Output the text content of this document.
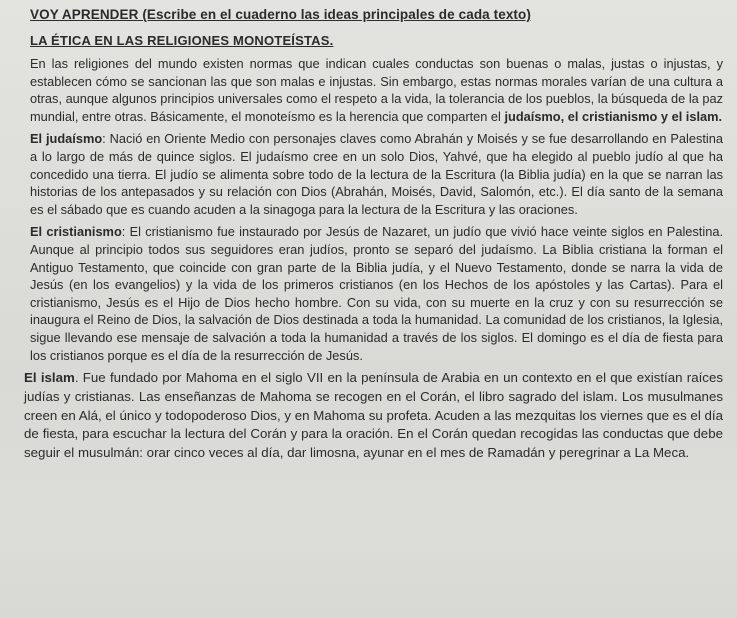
VOY APRENDER (Escribe en el cuaderno las ideas principales de cada texto)
LA ÉTICA EN LAS RELIGIONES MONOTEÍSTAS.

En las religiones del mundo existen normas que indican cuales conductas son buenas o malas, justas o injustas, y establecen cómo se sancionan las que son malas e injustas. Sin embargo, estas normas morales varían de una cultura a otras, aunque algunos principios universales como el respeto a la vida, la tolerancia de los pueblos, la búsqueda de la paz mundial, entre otras. Básicamente, el monoteísmo es la herencia que comparten el judaísmo, el cristianismo y el islam.

El judaísmo: Nació en Oriente Medio con personajes claves como Abrahán y Moisés y se fue desarrollando en Palestina a lo largo de más de quince siglos. El judaísmo cree en un solo Dios, Yahvé, que ha elegido al pueblo judío al que ha concedido una tierra. El judío se alimenta sobre todo de la lectura de la Escritura (la Biblia judía) en la que se narran las historias de los antepasados y su relación con Dios (Abrahán, Moisés, David, Salomón, etc.). El día santo de la semana es el sábado que es cuando acuden a la sinagoga para la lectura de la Escritura y las oraciones.

El cristianismo: El cristianismo fue instaurado por Jesús de Nazaret, un judío que vivió hace veinte siglos en Palestina. Aunque al principio todos sus seguidores eran judíos, pronto se separó del judaísmo. La Biblia cristiana la forman el Antiguo Testamento, que coincide con gran parte de la Biblia judía, y el Nuevo Testamento, donde se narra la vida de Jesús (en los evangelios) y la vida de los primeros cristianos (en los Hechos de los apóstoles y las Cartas). Para el cristianismo, Jesús es el Hijo de Dios hecho hombre. Con su vida, con su muerte en la cruz y con su resurrección se inaugura el Reino de Dios, la salvación de Dios destinada a toda la humanidad. La comunidad de los cristianos, la Iglesia, sigue llevando ese mensaje de salvación a toda la humanidad a través de los siglos. El domingo es el día de fiesta para los cristianos porque es el día de la resurrección de Jesús.

El islam. Fue fundado por Mahoma en el siglo VII en la península de Arabia en un contexto en el que existían raíces judías y cristianas. Las enseñanzas de Mahoma se recogen en el Corán, el libro sagrado del islam. Los musulmanes creen en Alá, el único y todopoderoso Dios, y en Mahoma su profeta. Acuden a las mezquitas los viernes que es el día de fiesta, para escuchar la lectura del Corán y para la oración. En el Corán quedan recogidas las conductas que debe seguir el musulmán: orar cinco veces al día, dar limosna, ayunar en el mes de Ramadán y peregrinar a La Meca.
